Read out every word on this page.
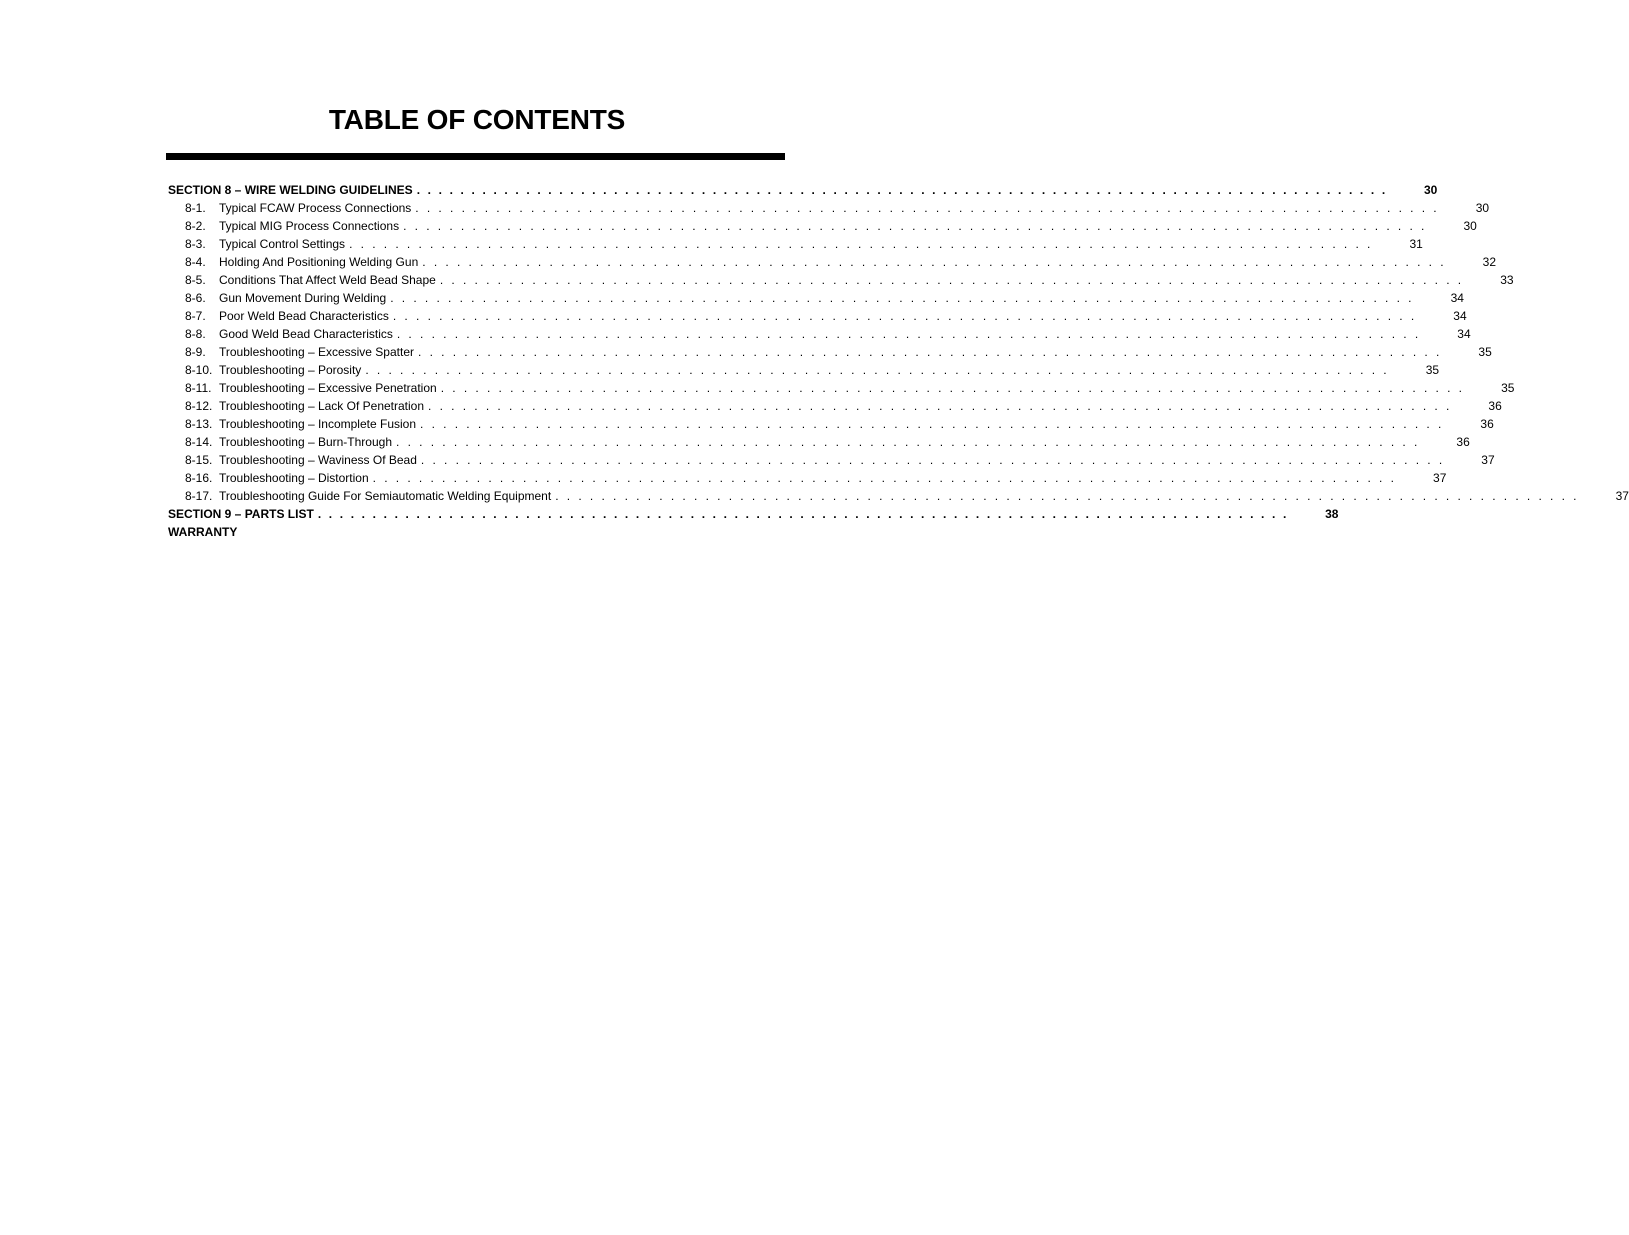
TABLE OF CONTENTS
SECTION 8 – WIRE WELDING GUIDELINES . . . . . . . . . . . . . . . . . . . . . . . . . . . . . . . . . . . . . . . . . . . . . . . . . . . . . . . . . . . . . . . . . . . . . . . . . . . . . . . . . . . . . . . . .	30
8-1.	Typical FCAW Process Connections . . . . . . . . . . . . . . . . . . . . . . . . . . . . . . . . . . . . . . . . . . . . . . . . . . . . . . . . . . . . . . . . . . . . . . . . . . . . . . . . . . . . . . . . .	30
8-2.	Typical MIG Process Connections . . . . . . . . . . . . . . . . . . . . . . . . . . . . . . . . . . . . . . . . . . . . . . . . . . . . . . . . . . . . . . . . . . . . . . . . . . . . . . . . . . . . . . . . .	30
8-3.	Typical Control Settings . . . . . . . . . . . . . . . . . . . . . . . . . . . . . . . . . . . . . . . . . . . . . . . . . . . . . . . . . . . . . . . . . . . . . . . . . . . . . . . . . . . . . . . . .	31
8-4.	Holding And Positioning Welding Gun . . . . . . . . . . . . . . . . . . . . . . . . . . . . . . . . . . . . . . . . . . . . . . . . . . . . . . . . . . . . . . . . . . . . . . . . . . . . . . . . . . . . . . . . .	32
8-5.	Conditions That Affect Weld Bead Shape . . . . . . . . . . . . . . . . . . . . . . . . . . . . . . . . . . . . . . . . . . . . . . . . . . . . . . . . . . . . . . . . . . . . . . . . . . . . . . . . . . . . . . . . .	33
8-6.	Gun Movement During Welding . . . . . . . . . . . . . . . . . . . . . . . . . . . . . . . . . . . . . . . . . . . . . . . . . . . . . . . . . . . . . . . . . . . . . . . . . . . . . . . . . . . . . . . . .	34
8-7.	Poor Weld Bead Characteristics . . . . . . . . . . . . . . . . . . . . . . . . . . . . . . . . . . . . . . . . . . . . . . . . . . . . . . . . . . . . . . . . . . . . . . . . . . . . . . . . . . . . . . . . .	34
8-8.	Good Weld Bead Characteristics . . . . . . . . . . . . . . . . . . . . . . . . . . . . . . . . . . . . . . . . . . . . . . . . . . . . . . . . . . . . . . . . . . . . . . . . . . . . . . . . . . . . . . . . .	34
8-9.	Troubleshooting – Excessive Spatter . . . . . . . . . . . . . . . . . . . . . . . . . . . . . . . . . . . . . . . . . . . . . . . . . . . . . . . . . . . . . . . . . . . . . . . . . . . . . . . . . . . . . . . . .	35
8-10. Troubleshooting – Porosity . . . . . . . . . . . . . . . . . . . . . . . . . . . . . . . . . . . . . . . . . . . . . . . . . . . . . . . . . . . . . . . . . . . . . . . . . . . . . . . . . . . . . . . . .	35
8-11. Troubleshooting – Excessive Penetration . . . . . . . . . . . . . . . . . . . . . . . . . . . . . . . . . . . . . . . . . . . . . . . . . . . . . . . . . . . . . . . . . . . . . . . . . . . . . . . . . . . . . . . . .	35
8-12. Troubleshooting – Lack Of Penetration . . . . . . . . . . . . . . . . . . . . . . . . . . . . . . . . . . . . . . . . . . . . . . . . . . . . . . . . . . . . . . . . . . . . . . . . . . . . . . . . . . . . . . . . .	36
8-13. Troubleshooting – Incomplete Fusion . . . . . . . . . . . . . . . . . . . . . . . . . . . . . . . . . . . . . . . . . . . . . . . . . . . . . . . . . . . . . . . . . . . . . . . . . . . . . . . . . . . . . . . . .	36
8-14. Troubleshooting – Burn-Through . . . . . . . . . . . . . . . . . . . . . . . . . . . . . . . . . . . . . . . . . . . . . . . . . . . . . . . . . . . . . . . . . . . . . . . . . . . . . . . . . . . . . . . . .	36
8-15. Troubleshooting – Waviness Of Bead . . . . . . . . . . . . . . . . . . . . . . . . . . . . . . . . . . . . . . . . . . . . . . . . . . . . . . . . . . . . . . . . . . . . . . . . . . . . . . . . . . . . . . . . .	37
8-16. Troubleshooting – Distortion . . . . . . . . . . . . . . . . . . . . . . . . . . . . . . . . . . . . . . . . . . . . . . . . . . . . . . . . . . . . . . . . . . . . . . . . . . . . . . . . . . . . . . . . .	37
8-17. Troubleshooting Guide For Semiautomatic Welding Equipment . . . . . . . . . . . . . . . . . . . . . . . . . . . . . . . . . . . . . . . . . . . . . . . . . . . . . . . . . . . . . . . . . . . . . . . . . . . . . . . . . . . . . . . . .	37
SECTION 9 – PARTS LIST . . . . . . . . . . . . . . . . . . . . . . . . . . . . . . . . . . . . . . . . . . . . . . . . . . . . . . . . . . . . . . . . . . . . . . . . . . . . . . . . . . . . . . . . .	38
WARRANTY
